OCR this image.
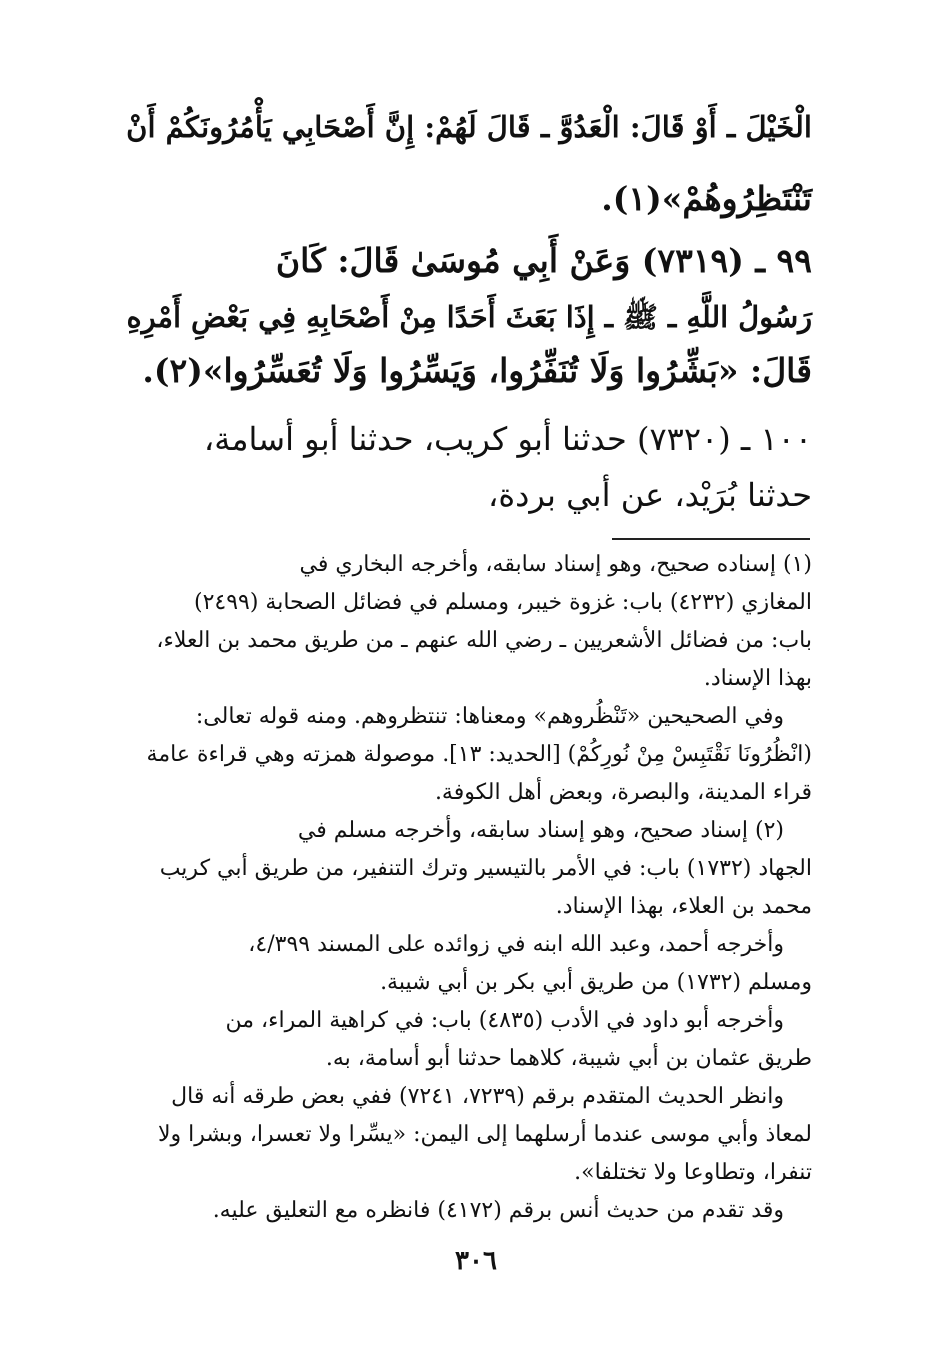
الْخَيْلَ ـ أَوْ قَالَ: الْعَدُوَّ ـ قَالَ لَهُمْ: إِنَّ أَصْحَابِي يَأْمُرُونَكُمْ أَنْ
تَنْتَظِرُوهُمْ»(١).
٩٩ ـ (٧٣١٩) وَعَنْ أَبِي مُوسَىٰ قَالَ: كَانَ
رَسُولُ اللَّهِ ـ ﷺ ـ إِذَا بَعَثَ أَحَدًا مِنْ أَصْحَابِهِ فِي بَعْضِ أَمْرِهِ
قَالَ: «بَشِّرُوا وَلَا تُنَفِّرُوا، وَيَسِّرُوا وَلَا تُعَسِّرُوا»(٢).
١٠٠ ـ (٧٣٢٠) حدثنا أبو كريب، حدثنا أبو أسامة،
حدثنا بُرَيْد، عن أبي بردة،
(١) إسناده صحيح، وهو إسناد سابقه، وأخرجه البخاري في
المغازي (٤٢٣٢) باب: غزوة خيبر، ومسلم في فضائل الصحابة (٢٤٩٩)
باب: من فضائل الأشعريين ـ رضي الله عنهم ـ من طريق محمد بن العلاء،
بهذا الإسناد.
وفي الصحيحين «تَنْظُروهم» ومعناها: تنتظروهم. ومنه قوله تعالى:
(انْظُرُونَا نَقْتَبِسْ مِنْ نُورِكُمْ) [الحديد: ١٣]. موصولة همزته وهي قراءة عامة
قراء المدينة، والبصرة، وبعض أهل الكوفة.
(٢) إسناد صحيح، وهو إسناد سابقه، وأخرجه مسلم في
الجهاد (١٧٣٢) باب: في الأمر بالتيسير وترك التنفير، من طريق أبي كريب
محمد بن العلاء، بهذا الإسناد.
وأخرجه أحمد، وعبد الله ابنه في زوائده على المسند ٤/٣٩٩،
ومسلم (١٧٣٢) من طريق أبي بكر بن أبي شيبة.
وأخرجه أبو داود في الأدب (٤٨٣٥) باب: في كراهية المراء، من
طريق عثمان بن أبي شيبة، كلاهما حدثنا أبو أسامة، به.
وانظر الحديث المتقدم برقم (٧٢٣٩، ٧٢٤١) ففي بعض طرقه أنه قال
لمعاذ وأبي موسى عندما أرسلهما إلى اليمن: «يسِّرا ولا تعسرا، وبشرا ولا
تنفرا، وتطاوعا ولا تختلفا».
وقد تقدم من حديث أنس برقم (٤١٧٢) فانظره مع التعليق عليه.
٣٠٦
